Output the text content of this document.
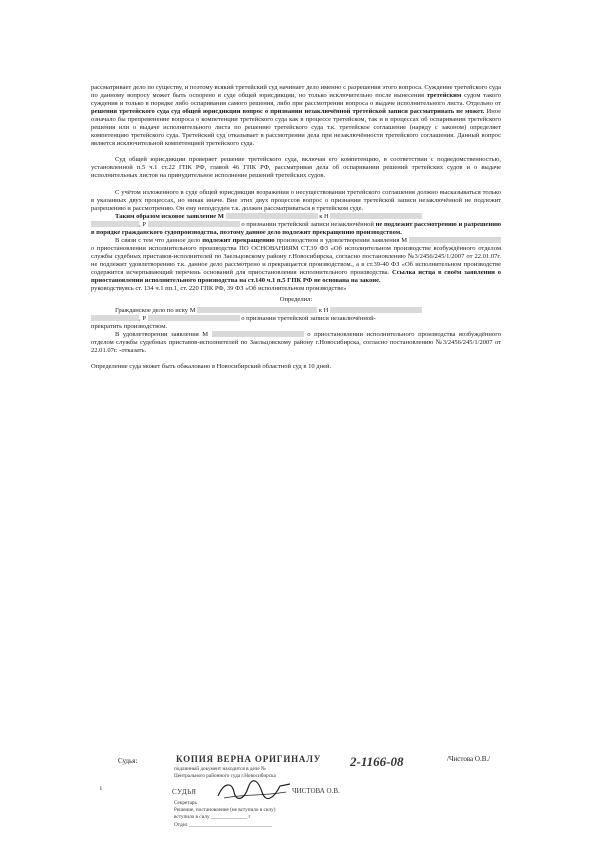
рассматривает дело по существу, и поэтому всякий третейский суд начинает дело именно с разрешения этого вопроса. Суждение третейского суда по данному вопросу может быть оспорено в суде общей юрисдикции, но только исключительно после вынесения третейским судом такого суждения и только в порядке либо оспаривания самого решения, либо при рассмотрении вопроса о выдаче исполнительного листа. Отдельно от решения третейского суда суд общей юрисдикции вопрос о признании незаключённой третейской записи рассматривать не может. Иное означало бы препревенение вопроса о компетенции третейского суда как в процессе третейском, так и в процессах об оспаривании третейского решения или о выдаче исполнительного листа по решению третейского суда т.к. третейское соглашение (наряду с законом) определяет компетенцию третейского суда. Третейский суд отказывает в рассмотрении дела при незаключённости третейского соглашения. Данный вопрос является исключительной компетенцией третейского суда.

Суд общей юрисдикции проверяет решение третейского суда, включая его компетенцию, в соответствии с подведомственностью, установленной п.5 ч.1 ст.22 ГПК РФ, главой 46 ГПК РФ, рассматривая дела об оспаривании решений третейских судов и о выдаче исполнительных листов на принудительное исполнение решений третейских судов.

С учётом изложенного в суде общей юрисдикции возражения о несуществовании третейского соглашения должно высказываться только в указанных двух процессах, но никак иначе. Вне этих двух процессов вопрос о признании третейской записи незаключённой не подлежит разрешению и рассмотрению. Он ему неподсуден т.к. должен рассматриваться в третейском суде.

Таким образом исковое заявление М	к Н
, Р	о признании третейской записи незаключённой не подлежит рассмотрению и разрешению в порядке гражданского судопроизводства, поэтому данное дело подлежит прекращению производством.

В связи с тем что данное дело подлежит прекращению производством в удовлетворении заявления М  о приостановлении исполнительного производства ПО ОСНОВАНИЯМ СТ.39 ФЗ «Об исполнительном производстве возбуждённого отделом службы судебных приставов-исполнителей по Заельцовскому району г.Новосибирска, согласно постановлению №3/2456/245/1/2007 от 22.01.07г. не подлежит удовлетворению т.к. данное дело рассмотрено и прекращается производством., а в ст.39-40 ФЗ «Об исполнительном производстве содержится исчерпывающий перечень оснований для приостановления исполнительного производства. Ссылка истца в своём заявлении о приостановлении исполнительного производства на ст.140 ч.1 п.5 ГПК РФ не основана на законе.

руководствуясь ст. 134 ч.1 пп.1, ст. 220 ГПК РФ, 39 ФЗ «Об исполнительном производстве»

Определил:

Гражданское дело по иску М	к Н
, Р	о признании третейской записи незаключённой-
прекратить производством.

В удовлетворении заявления М	о приостановлении исполнительного производства возбуждённого отделом службы судебных приставов-исполнителей по Заельцовскому району г.Новосибирска, согласно постановлению №3/2456/245/1/2007 от 22.01.07г. -отказать.

Определение суда может быть обжаловано в Новосибирский областной суд в 10 дней.

Судья:	/Чистова О.В./
ι
КОПИЯ ВЕРНА ОРИГИНАЛУ 2-1166-08
подлинный документ находится в деле №
Центрального районного суда г.Новосибирска
СУДЬЯ	ЧИСТОВА О.В.
Секретарь
Решение, постановление (не вступило в силу)
вступило в силу ______________ г
Отдел ________________________________
